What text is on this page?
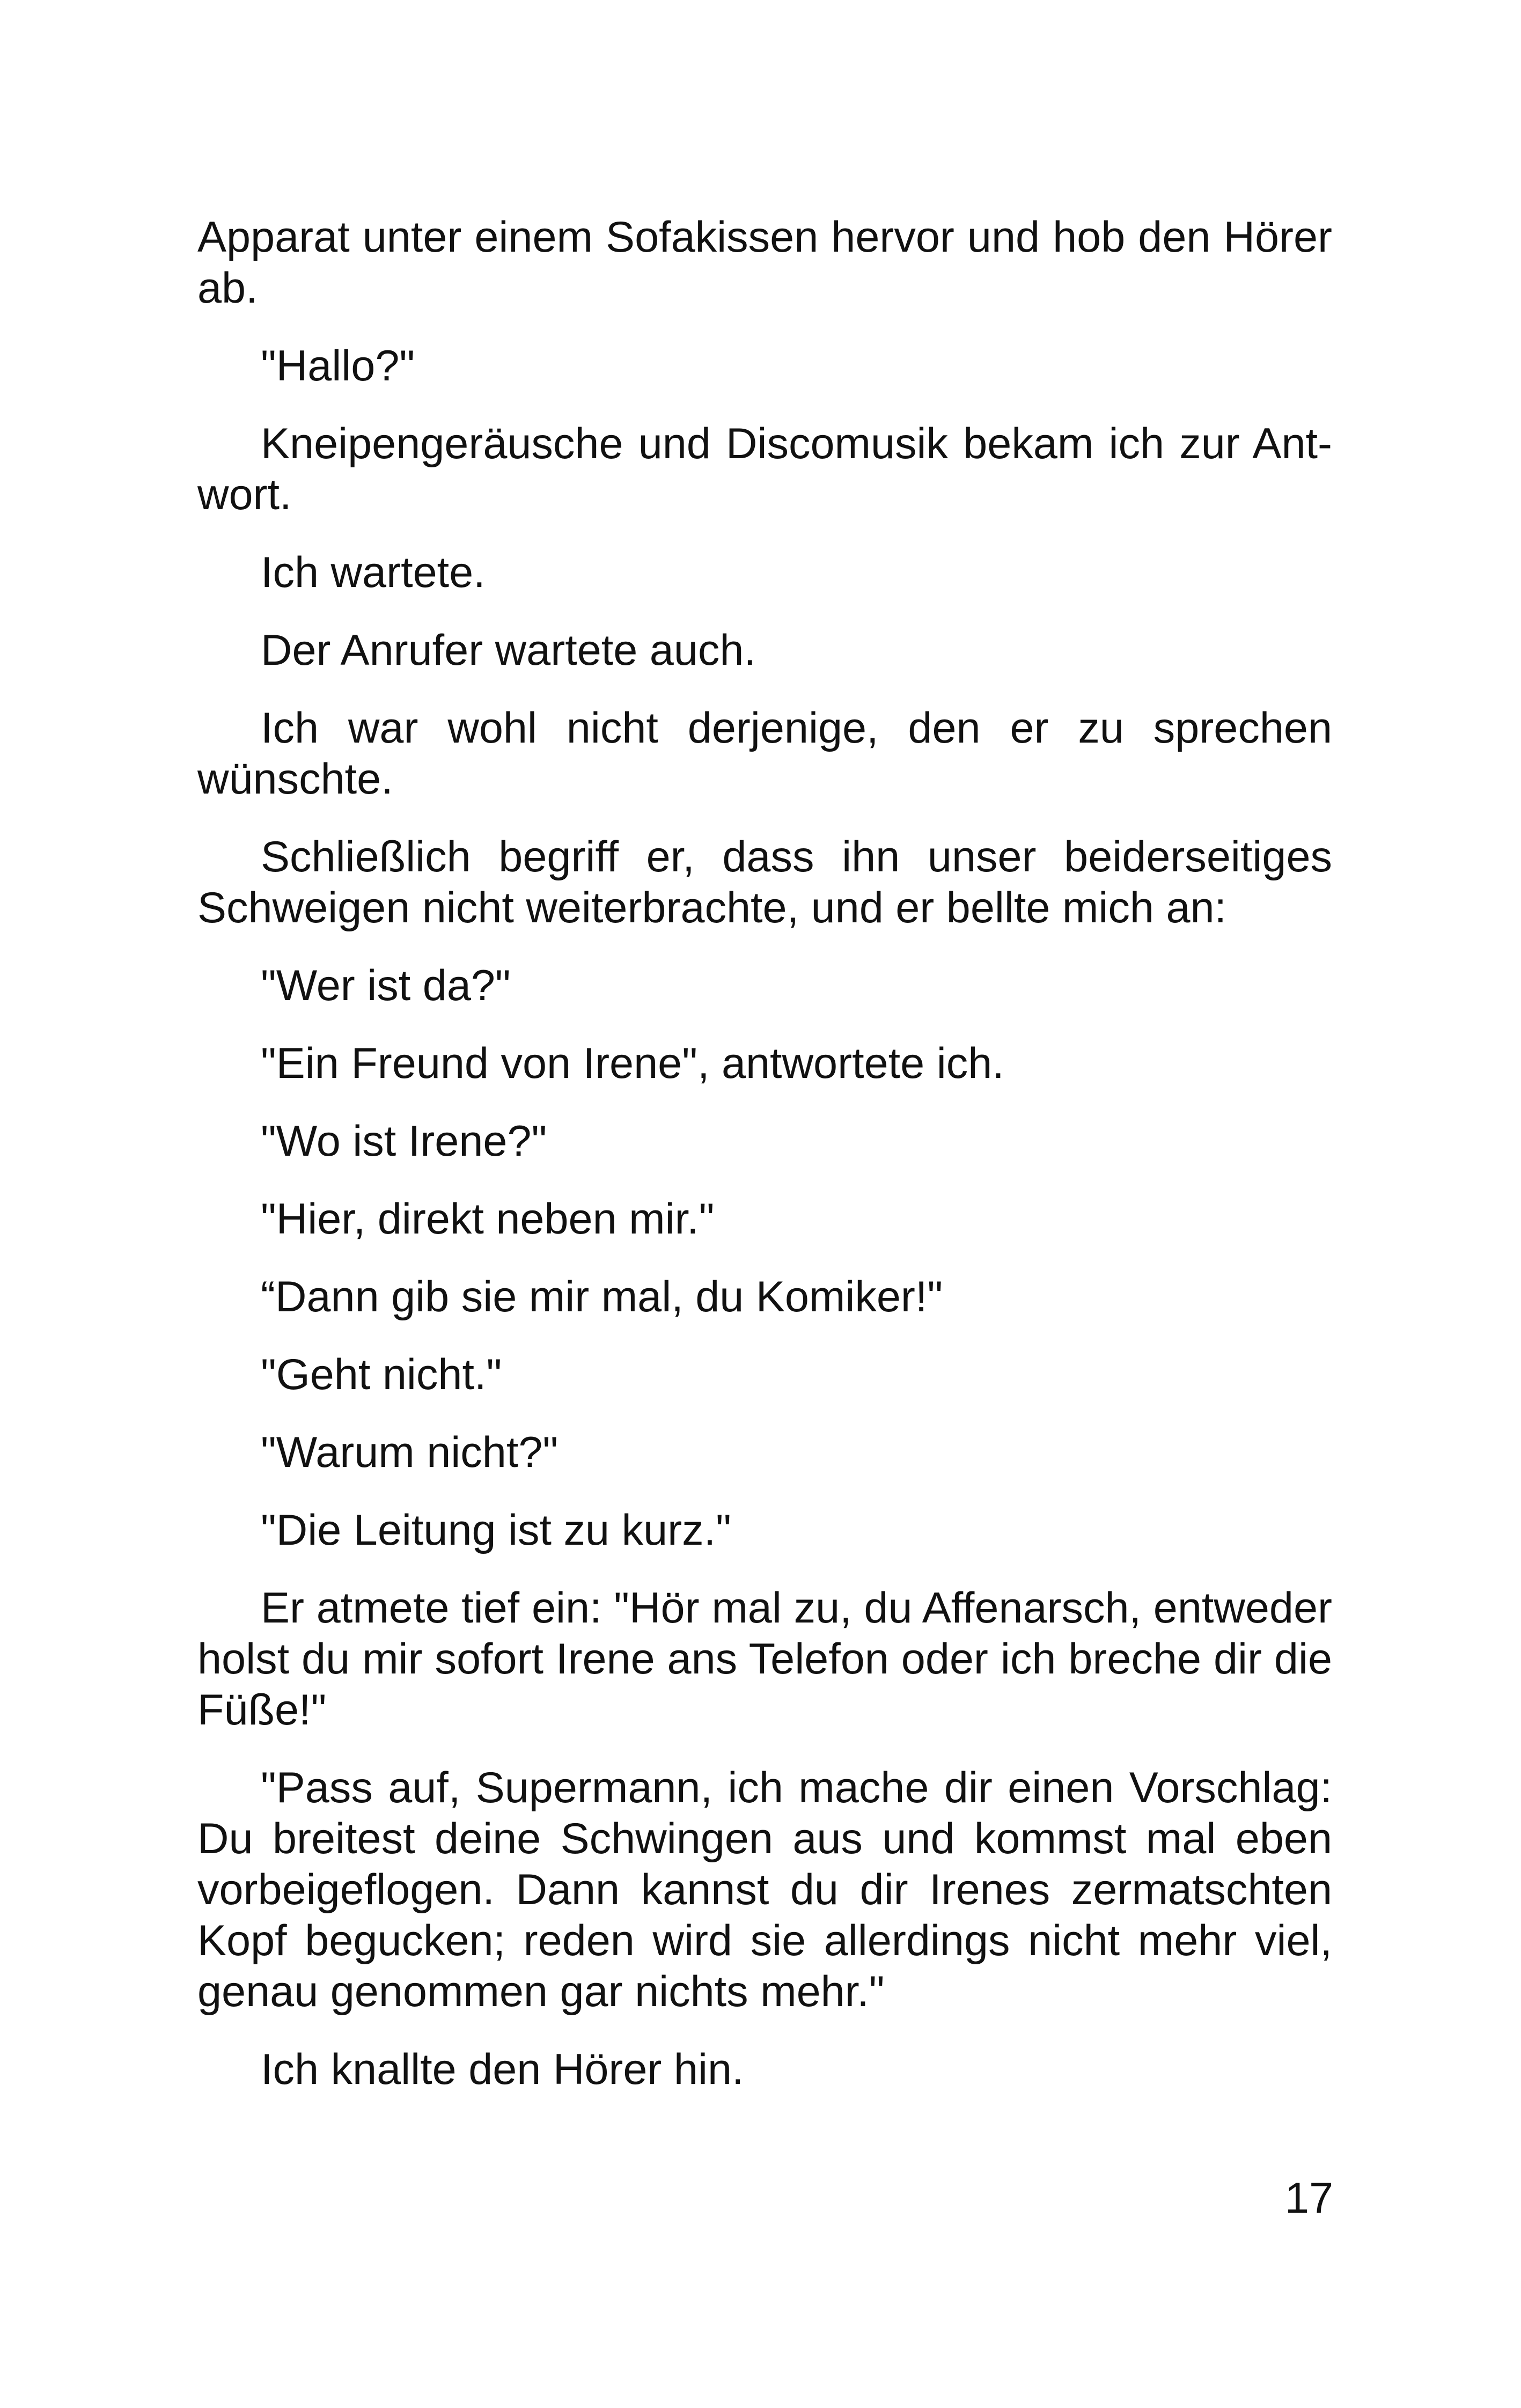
Apparat unter einem Sofakissen hervor und hob den Hörer ab.

"Hallo?"

Kneipengeräusche und Discomusik bekam ich zur Antwort.

Ich wartete.

Der Anrufer wartete auch.

Ich war wohl nicht derjenige, den er zu sprechen wünschte.

Schließlich begriff er, dass ihn unser beiderseitiges Schweigen nicht weiterbrachte, und er bellte mich an:

"Wer ist da?"

"Ein Freund von Irene", antwortete ich.

"Wo ist Irene?"

"Hier, direkt neben mir."

“Dann gib sie mir mal, du Komiker!"

"Geht nicht."

"Warum nicht?"

"Die Leitung ist zu kurz."

Er atmete tief ein: "Hör mal zu, du Affenarsch, entweder holst du mir sofort Irene ans Telefon oder ich breche dir die Füße!"

"Pass auf, Supermann, ich mache dir einen Vorschlag: Du breitest deine Schwingen aus und kommst mal eben vorbeigeflogen. Dann kannst du dir Irenes zermatschten Kopf begucken; reden wird sie allerdings nicht mehr viel, genau genommen gar nichts mehr."

Ich knallte den Hörer hin.

17
